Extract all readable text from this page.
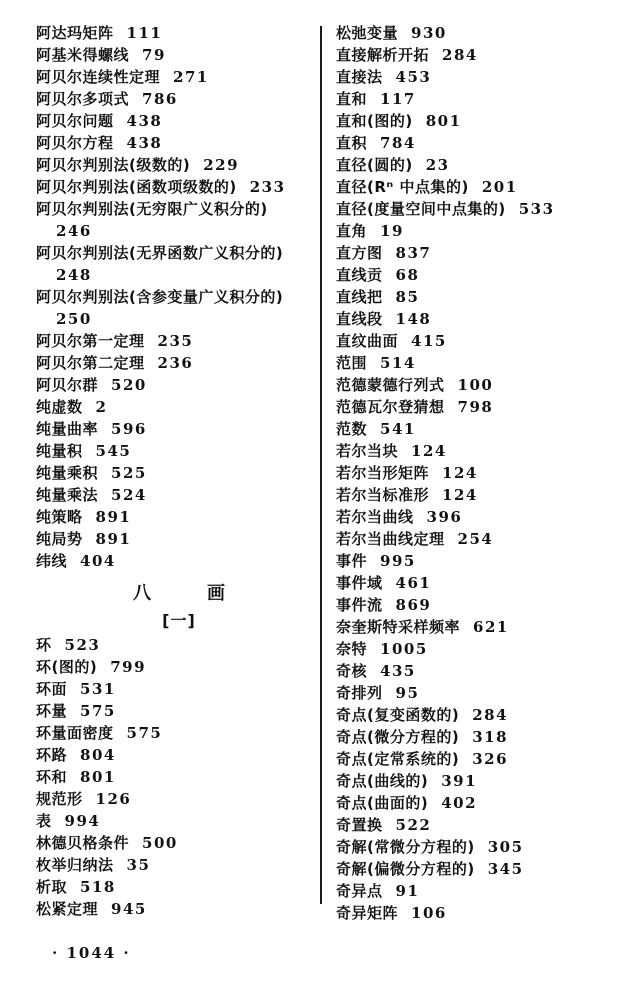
阿达玛矩阵 111
阿基米得螺线 79
阿贝尔连续性定理 271
阿贝尔多项式 786
阿贝尔问题 438
阿贝尔方程 438
阿贝尔判别法(级数的) 229
阿贝尔判别法(函数项级数的) 233
阿贝尔判别法(无穷限广义积分的)
246
阿贝尔判别法(无界函数广义积分的)
248
阿贝尔判别法(含参变量广义积分的)
250
阿贝尔第一定理 235
阿贝尔第二定理 236
阿贝尔群 520
纯虚数 2
纯量曲率 596
纯量积 545
纯量乘积 525
纯量乘法 524
纯策略 891
纯局势 891
纬线 404
八	画
[一]
环 523
环(图的) 799
环面 531
环量 575
环量面密度 575
环路 804
环和 801
规范形 126
表 994
林德贝格条件 500
枚举归纳法 35
析取 518
松紧定理 945
松弛变量 930
直接解析开拓 284
直接法 453
直和 117
直和(图的) 801
直积 784
直径(圆的) 23
直径(Rⁿ 中点集的) 201
直径(度量空间中点集的) 533
直角 19
直方图 837
直线贡 68
直线把 85
直线段 148
直纹曲面 415
范围 514
范德蒙德行列式 100
范德瓦尔登猜想 798
范数 541
若尔当块 124
若尔当形矩阵 124
若尔当标准形 124
若尔当曲线 396
若尔当曲线定理 254
事件 995
事件域 461
事件流 869
奈奎斯特采样频率 621
奈特 1005
奇核 435
奇排列 95
奇点(复变函数的) 284
奇点(微分方程的) 318
奇点(定常系统的) 326
奇点(曲线的) 391
奇点(曲面的) 402
奇置换 522
奇解(常微分方程的) 305
奇解(偏微分方程的) 345
奇异点 91
奇异矩阵 106
· 1044 ·
